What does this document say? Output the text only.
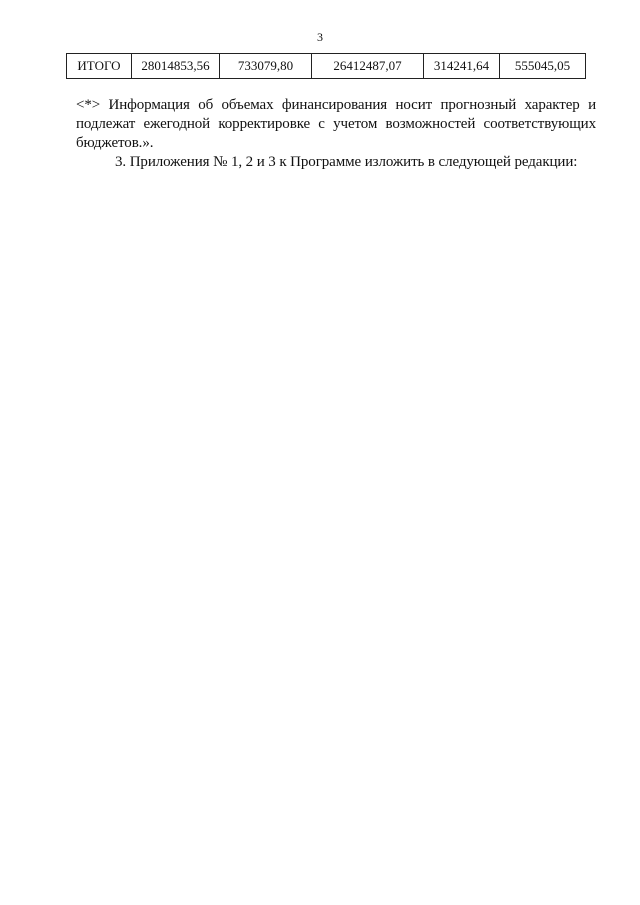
3
ИТОГО	28014853,56	733079,80	26412487,07	314241,64	555045,05

<*> Информация об объемах финансирования носит прогнозный характер и подлежат ежегодной корректировке с учетом возможностей соответствующих бюджетов.».

3. Приложения № 1, 2 и 3 к Программе изложить в следующей редакции:
